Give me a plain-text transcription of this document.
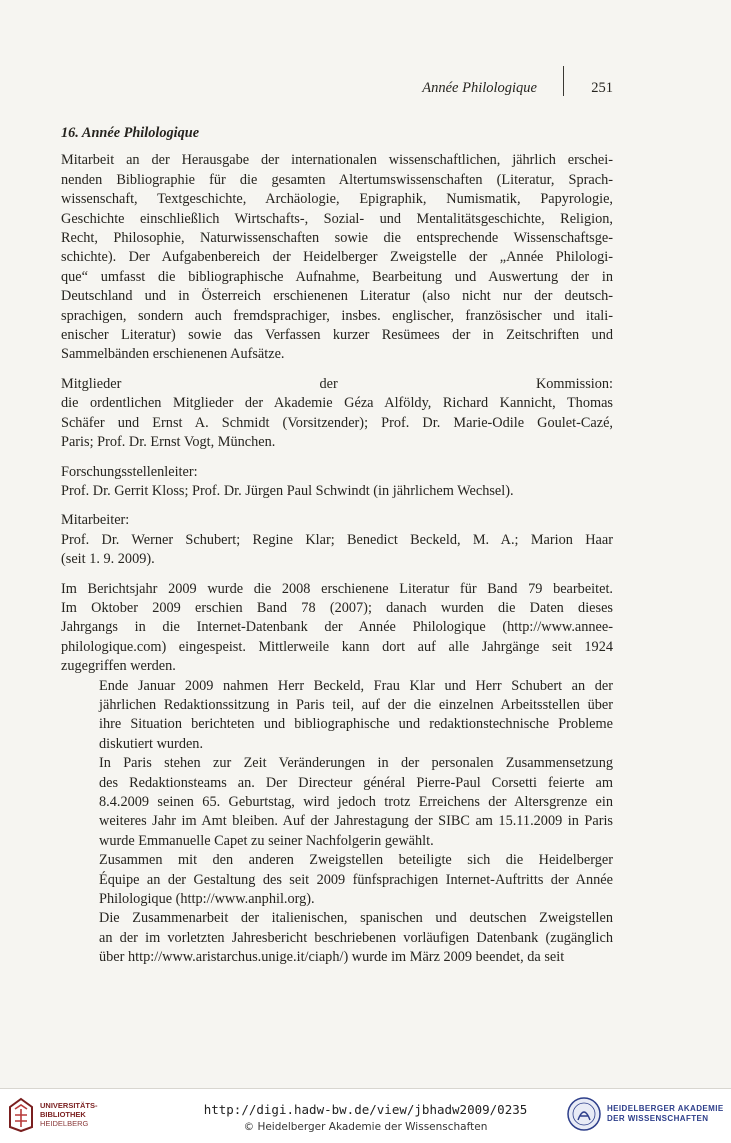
Année Philologique	251
16. Année Philologique
Mitarbeit an der Herausgabe der internationalen wissenschaftlichen, jährlich erschei-
nenden Bibliographie für die gesamten Altertumswissenschaften (Literatur, Sprach-
wissenschaft, Textgeschichte, Archäologie, Epigraphik, Numismatik, Papyrologie,
Geschichte einschließlich Wirtschafts-, Sozial- und Mentalitätsgeschichte, Religion,
Recht, Philosophie, Naturwissenschaften sowie die entsprechende Wissenschaftsge-
schichte). Der Aufgabenbereich der Heidelberger Zweigstelle der „Année Philologi-
que“ umfasst die bibliographische Aufnahme, Bearbeitung und Auswertung der in
Deutschland und in Österreich erschienenen Literatur (also nicht nur der deutsch-
sprachigen, sondern auch fremdsprachiger, insbes. englischer, französischer und itali-
enischer Literatur) sowie das Verfassen kurzer Resümees der in Zeitschriften und
Sammelbänden erschienenen Aufsätze.
Mitglieder der Kommission:
die ordentlichen Mitglieder der Akademie Géza Alföldy, Richard Kannicht, Thomas
Schäfer und Ernst A. Schmidt (Vorsitzender); Prof. Dr. Marie-Odile Goulet-Cazé,
Paris; Prof. Dr. Ernst Vogt, München.
Forschungsstellenleiter:
Prof. Dr. Gerrit Kloss; Prof. Dr. Jürgen Paul Schwindt (in jährlichem Wechsel).
Mitarbeiter:
Prof. Dr. Werner Schubert; Regine Klar; Benedict Beckeld, M. A.; Marion Haar
(seit 1. 9. 2009).
Im Berichtsjahr 2009 wurde die 2008 erschienene Literatur für Band 79 bearbeitet.
Im Oktober 2009 erschien Band 78 (2007); danach wurden die Daten dieses
Jahrgangs in die Internet-Datenbank der Année Philologique (http://www.annee-
philologique.com) eingespeist. Mittlerweile kann dort auf alle Jahrgänge seit 1924
zugegriffen werden.
Ende Januar 2009 nahmen Herr Beckeld, Frau Klar und Herr Schubert an der
jährlichen Redaktionssitzung in Paris teil, auf der die einzelnen Arbeitsstellen über
ihre Situation berichteten und bibliographische und redaktionstechnische Probleme
diskutiert wurden.
In Paris stehen zur Zeit Veränderungen in der personalen Zusammensetzung
des Redaktionsteams an. Der Directeur général Pierre-Paul Corsetti feierte am
8.4.2009 seinen 65. Geburtstag, wird jedoch trotz Erreichens der Altersgrenze ein
weiteres Jahr im Amt bleiben. Auf der Jahrestagung der SIBC am 15.11.2009 in Paris
wurde Emmanuelle Capet zu seiner Nachfolgerin gewählt.
Zusammen mit den anderen Zweigstellen beteiligte sich die Heidelberger
Équipe an der Gestaltung des seit 2009 fünfsprachigen Internet-Auftritts der Année
Philologique (http://www.anphil.org).
Die Zusammenarbeit der italienischen, spanischen und deutschen Zweigstellen
an der im vorletzten Jahresbericht beschriebenen vorläufigen Datenbank (zugänglich
über http://www.aristarchus.unige.it/ciaph/) wurde im März 2009 beendet, da seit
UNIVERSITÄTS-
BIBLIOTHEK
HEIDELBERG
http://digi.hadw-bw.de/view/jbhadw2009/0235
© Heidelberger Akademie der Wissenschaften
HEIDELBERGER AKADEMIE
DER WISSENSCHAFTEN
